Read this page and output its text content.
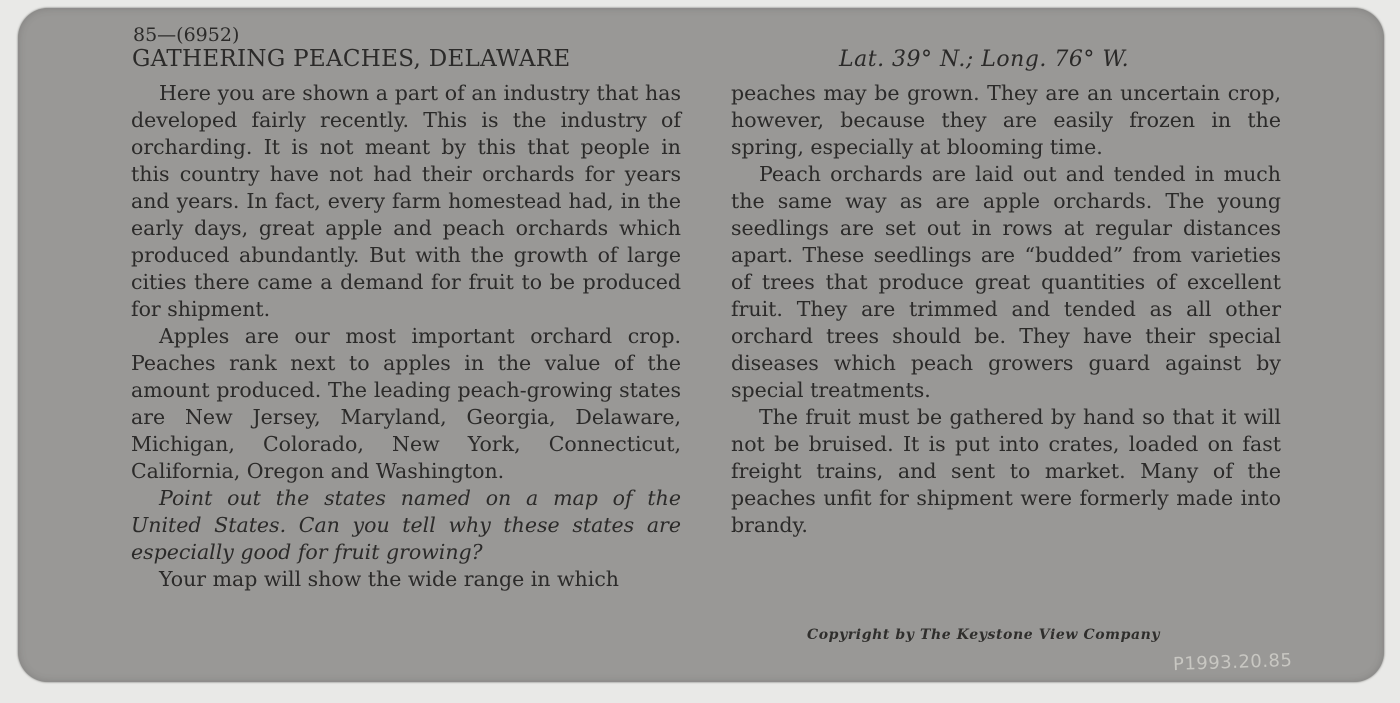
85—(6952)
GATHERING PEACHES, DELAWARE	Lat. 39° N.; Long. 76° W.

Here you are shown a part of an industry that has developed fairly recently. This is the industry of orcharding. It is not meant by this that people in this country have not had their orchards for years and years. In fact, every farm homestead had, in the early days, great apple and peach orchards which produced abundantly. But with the growth of large cities there came a demand for fruit to be produced for shipment.

Apples are our most important orchard crop. Peaches rank next to apples in the value of the amount produced. The leading peach-growing states are New Jersey, Maryland, Georgia, Delaware, Michigan, Colorado, New York, Connecticut, California, Oregon and Washington.

Point out the states named on a map of the United States. Can you tell why these states are especially good for fruit growing?

Your map will show the wide range in which

peaches may be grown. They are an uncertain crop, however, because they are easily frozen in the spring, especially at blooming time.

Peach orchards are laid out and tended in much the same way as are apple orchards. The young seedlings are set out in rows at regular distances apart. These seedlings are “budded” from varieties of trees that produce great quantities of excellent fruit. They are trimmed and tended as all other orchard trees should be. They have their special diseases which peach growers guard against by special treatments.

The fruit must be gathered by hand so that it will not be bruised. It is put into crates, loaded on fast freight trains, and sent to market. Many of the peaches unfit for shipment were formerly made into brandy.

Copyright by The Keystone View Company
P1993.20.85
